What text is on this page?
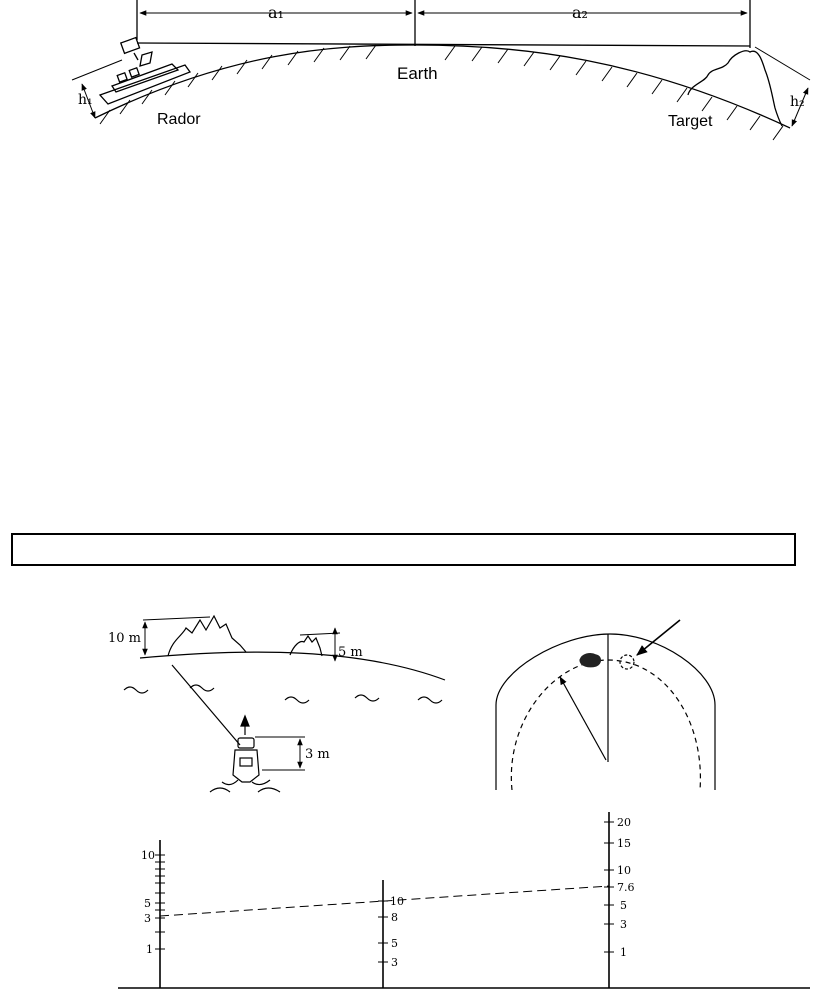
a₁	a₂
h₁	h₂
Earth
Rador	Target
10 m
5 m
3 m
10
5
3
1
10
8
5
3
20
15
10
7.6
5
3
1
